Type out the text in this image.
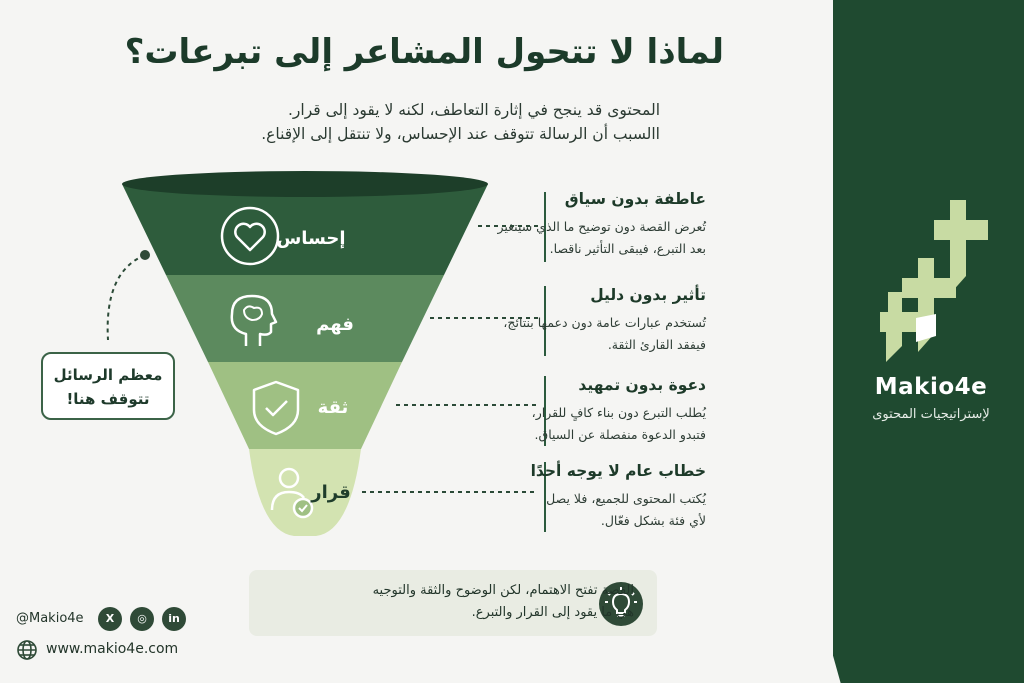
Makio4e
لإستراتيجيات المحتوى
لماذا لا تتحول المشاعر إلى تبرعات؟
المحتوى قد ينجح في إثارة التعاطف، لكنه لا يقود إلى قرار.
االسبب أن الرسالة تتوقف عند الإحساس، ولا تنتقل إلى الإقناع.
إحساس
فهم
ثقة
قرار
عاطفة بدون سياق
تُعرض القصة دون توضيح ما الذي سيتغير
بعد التبرع، فيبقى التأثير ناقصا.
تأثير بدون دليل
تُستخدم عبارات عامة دون دعمها بنتائج،
فيفقد القارئ الثقة.
دعوة بدون تمهيد
يُطلب التبرع دون بناء كافٍ للقرار،
فتبدو الدعوة منفصلة عن السياق.
خطاب عام لا يوجه أحدًا
يُكتب المحتوى للجميع، فلا يصل
لأي فئة بشكل فعّال.
معظم الرسائل
تتوقف هنا!
القصة تفتح الاهتمام، لكن الوضوح والثقة والتوجيه
هي ما يقود إلى القرار والتبرع.
@Makio4e	X	◎	in
www.makio4e.com
